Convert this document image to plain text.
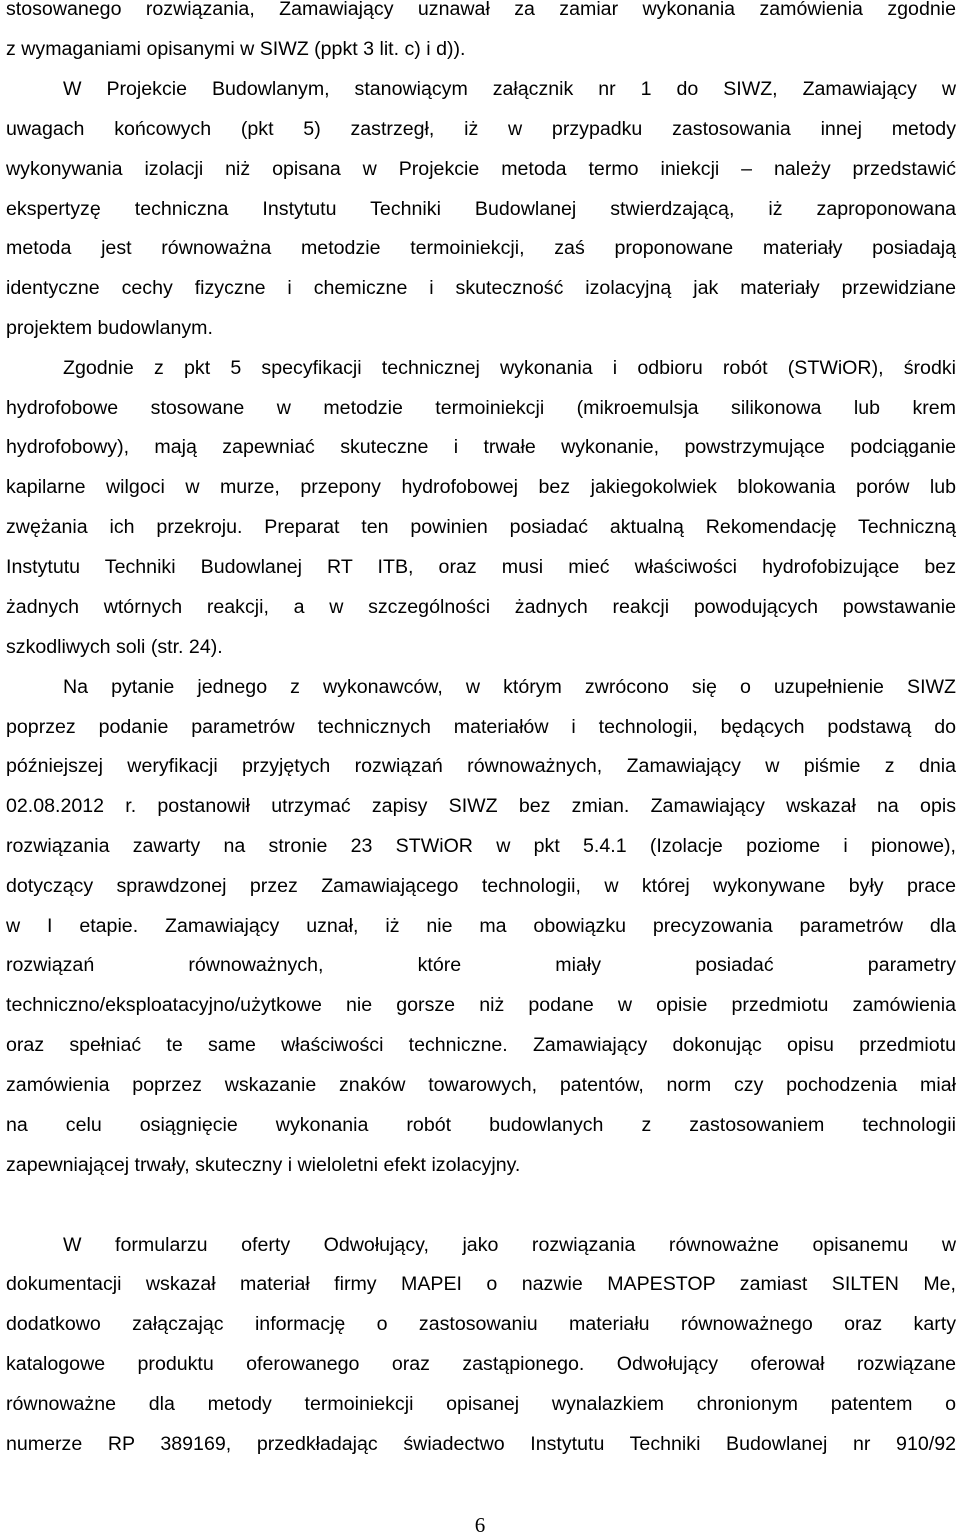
stosowanego rozwiązania, Zamawiający uznawał za zamiar wykonania zamówienia zgodnie
z wymaganiami opisanymi w SIWZ (ppkt 3 lit. c) i d)).
W Projekcie Budowlanym, stanowiącym załącznik nr 1 do SIWZ, Zamawiający w
uwagach końcowych (pkt 5) zastrzegł, iż w przypadku zastosowania innej metody
wykonywania izolacji niż opisana w Projekcie metoda termo iniekcji – należy przedstawić
ekspertyzę techniczna Instytutu Techniki Budowlanej stwierdzającą, iż zaproponowana
metoda jest równoważna metodzie termoiniekcji, zaś proponowane materiały posiadają
identyczne cechy fizyczne i chemiczne i skuteczność izolacyjną jak materiały przewidziane
projektem budowlanym.
Zgodnie z pkt 5 specyfikacji technicznej wykonania i odbioru robót (STWiOR), środki
hydrofobowe stosowane w metodzie termoiniekcji (mikroemulsja silikonowa lub krem
hydrofobowy), mają zapewniać skuteczne i trwałe wykonanie, powstrzymujące podciąganie
kapilarne wilgoci w murze, przepony hydrofobowej bez jakiegokolwiek blokowania porów lub
zwężania ich przekroju. Preparat ten powinien posiadać aktualną Rekomendację Techniczną
Instytutu Techniki Budowlanej RT ITB, oraz musi mieć właściwości hydrofobizujące bez
żadnych wtórnych reakcji, a w szczególności żadnych reakcji powodujących powstawanie
szkodliwych soli (str. 24).
Na pytanie jednego z wykonawców, w którym zwrócono się o uzupełnienie SIWZ
poprzez podanie parametrów technicznych materiałów i technologii, będących podstawą do
późniejszej weryfikacji przyjętych rozwiązań równoważnych, Zamawiający w piśmie z dnia
02.08.2012 r. postanowił utrzymać zapisy SIWZ bez zmian. Zamawiający wskazał na opis
rozwiązania zawarty na stronie 23 STWiOR w pkt 5.4.1 (Izolacje poziome i pionowe),
dotyczący sprawdzonej przez Zamawiającego technologii, w której wykonywane były prace
w I etapie. Zamawiający uznał, iż nie ma obowiązku precyzowania parametrów dla
rozwiązań równoważnych, które miały posiadać parametry
techniczno/eksploatacyjno/użytkowe nie gorsze niż podane w opisie przedmiotu zamówienia
oraz spełniać te same właściwości techniczne. Zamawiający dokonując opisu przedmiotu
zamówienia poprzez wskazanie znaków towarowych, patentów, norm czy pochodzenia miał
na celu osiągnięcie wykonania robót budowlanych z zastosowaniem technologii
zapewniającej trwały, skuteczny i wieloletni efekt izolacyjny.
W formularzu oferty Odwołujący, jako rozwiązania równoważne opisanemu w
dokumentacji wskazał materiał firmy MAPEI o nazwie MAPESTOP zamiast SILTEN Me,
dodatkowo załączając informację o zastosowaniu materiału równoważnego oraz karty
katalogowe produktu oferowanego oraz zastąpionego. Odwołujący oferował rozwiązane
równoważne dla metody termoiniekcji opisanej wynalazkiem chronionym patentem o
numerze RP 389169, przedkładając świadectwo Instytutu Techniki Budowlanej nr 910/92
6
